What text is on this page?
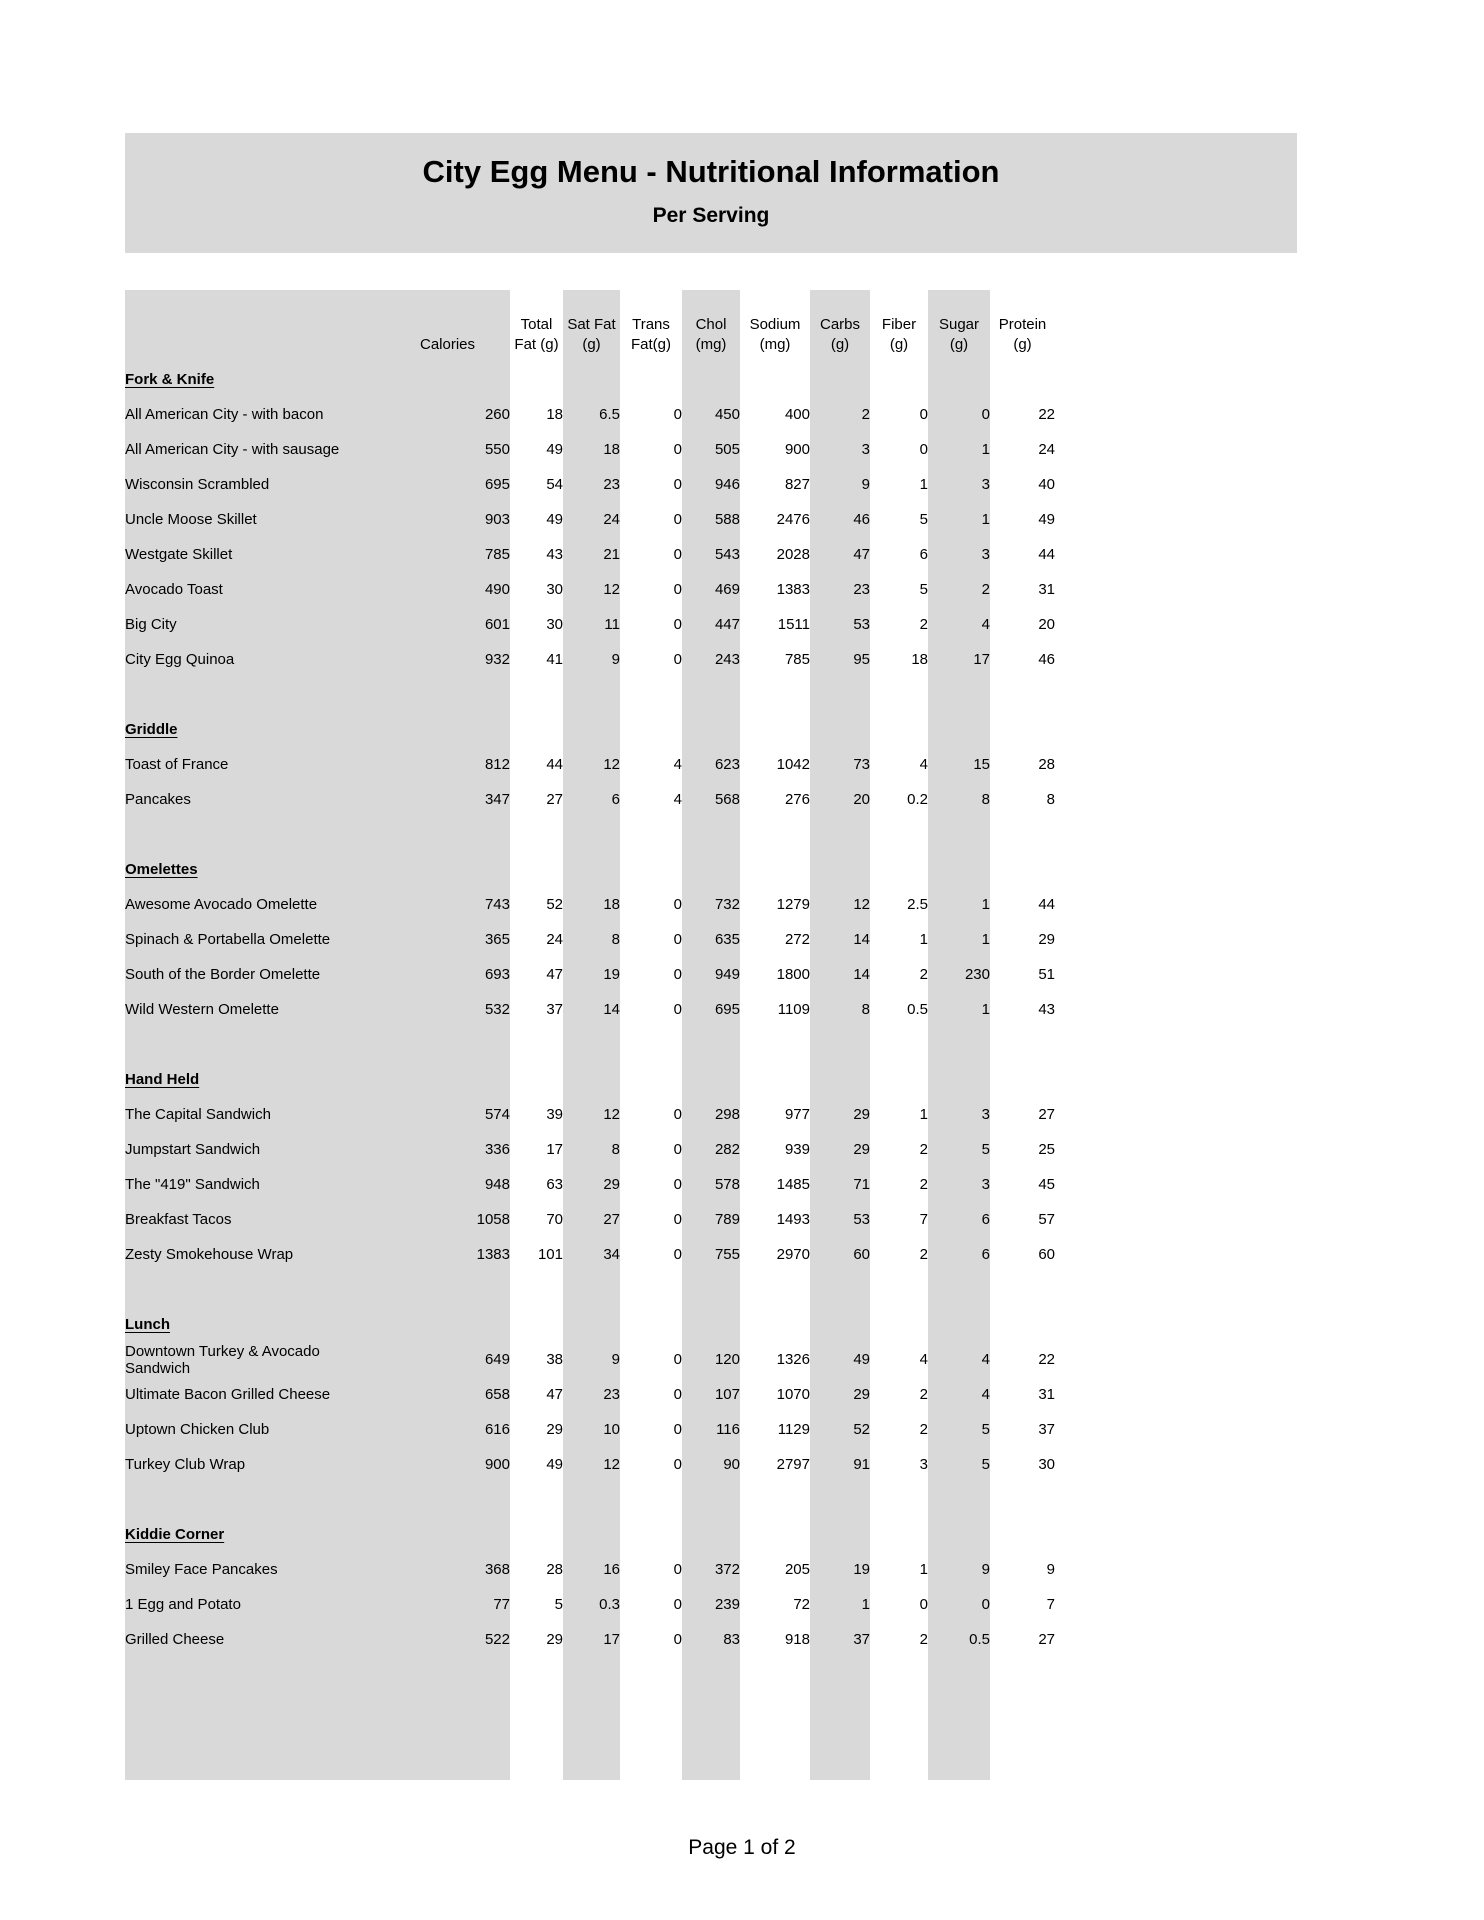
City Egg Menu - Nutritional Information
Per Serving
	Calories	Total Fat (g)	Sat Fat (g)	Trans Fat(g)	Chol (mg)	Sodium (mg)	Carbs (g)	Fiber (g)	Sugar (g)	Protein (g)
Fork & Knife										
All American City - with bacon	260	18	6.5	0	450	400	2	0	0	22
All American City - with sausage	550	49	18	0	505	900	3	0	1	24
Wisconsin Scrambled	695	54	23	0	946	827	9	1	3	40
Uncle Moose Skillet	903	49	24	0	588	2476	46	5	1	49
Westgate Skillet	785	43	21	0	543	2028	47	6	3	44
Avocado Toast	490	30	12	0	469	1383	23	5	2	31
Big City	601	30	11	0	447	1511	53	2	4	20
City Egg Quinoa	932	41	9	0	243	785	95	18	17	46

Griddle										
Toast of France	812	44	12	4	623	1042	73	4	15	28
Pancakes	347	27	6	4	568	276	20	0.2	8	8

Omelettes										
Awesome Avocado Omelette	743	52	18	0	732	1279	12	2.5	1	44
Spinach & Portabella Omelette	365	24	8	0	635	272	14	1	1	29
South of the Border Omelette	693	47	19	0	949	1800	14	2	230	51
Wild Western Omelette	532	37	14	0	695	1109	8	0.5	1	43

Hand Held										
The Capital Sandwich	574	39	12	0	298	977	29	1	3	27
Jumpstart Sandwich	336	17	8	0	282	939	29	2	5	25
The "419" Sandwich	948	63	29	0	578	1485	71	2	3	45
Breakfast Tacos	1058	70	27	0	789	1493	53	7	6	57
Zesty Smokehouse Wrap	1383	101	34	0	755	2970	60	2	6	60

Lunch										
Downtown Turkey & Avocado Sandwich	649	38	9	0	120	1326	49	4	4	22
Ultimate Bacon Grilled Cheese	658	47	23	0	107	1070	29	2	4	31
Uptown Chicken Club	616	29	10	0	116	1129	52	2	5	37
Turkey Club Wrap	900	49	12	0	90	2797	91	3	5	30

Kiddie Corner										
Smiley Face Pancakes	368	28	16	0	372	205	19	1	9	9
1 Egg and Potato	77	5	0.3	0	239	72	1	0	0	7
Grilled Cheese	522	29	17	0	83	918	37	2	0.5	27

Page 1 of 2
